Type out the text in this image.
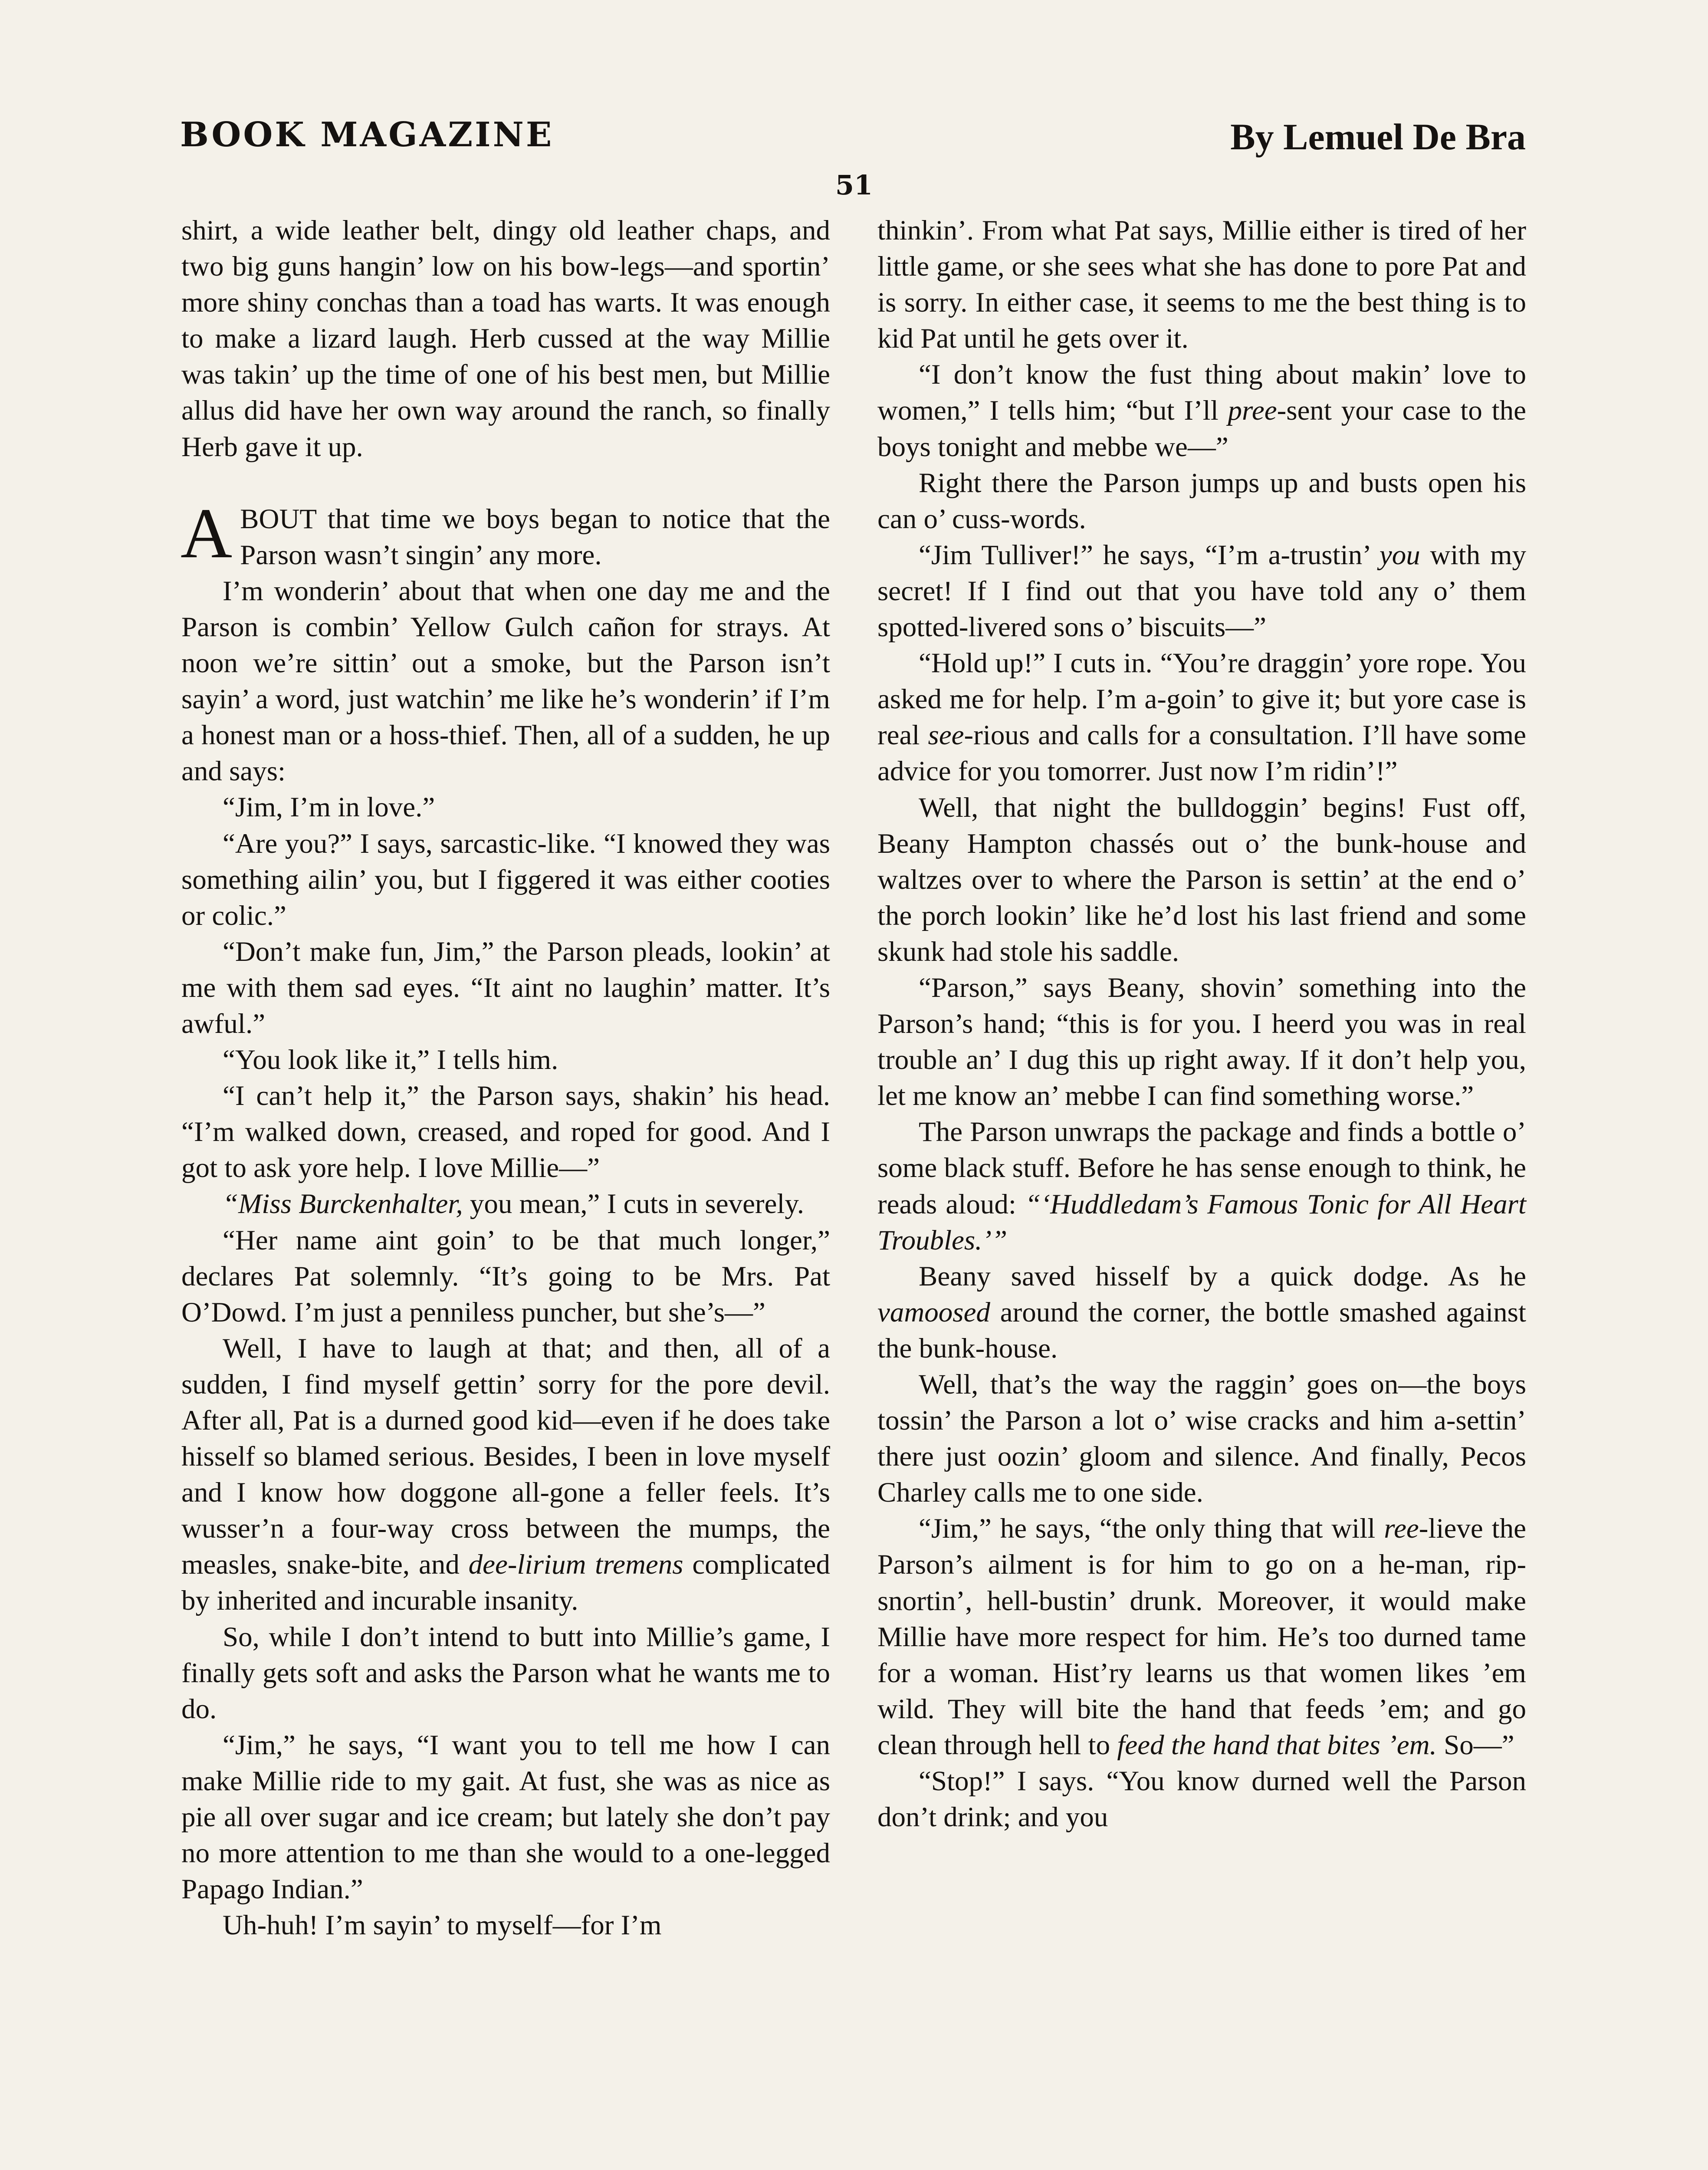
BOOK MAGAZINE	By Lemuel De Bra
51

shirt, a wide leather belt, dingy old leather chaps, and two big guns hangin’ low on his bow-legs—and sportin’ more shiny conchas than a toad has warts. It was enough to make a lizard laugh. Herb cussed at the way Millie was takin’ up the time of one of his best men, but Millie allus did have her own way around the ranch, so finally Herb gave it up.

ABOUT that time we boys began to notice that the Parson wasn’t singin’ any more.

I’m wonderin’ about that when one day me and the Parson is combin’ Yellow Gulch cañon for strays. At noon we’re sittin’ out a smoke, but the Parson isn’t sayin’ a word, just watchin’ me like he’s wonderin’ if I’m a honest man or a hoss-thief. Then, all of a sudden, he up and says:

“Jim, I’m in love.”

“Are you?” I says, sarcastic-like. “I knowed they was something ailin’ you, but I figgered it was either cooties or colic.”

“Don’t make fun, Jim,” the Parson pleads, lookin’ at me with them sad eyes. “It aint no laughin’ matter. It’s awful.”

“You look like it,” I tells him.

“I can’t help it,” the Parson says, shakin’ his head. “I’m walked down, creased, and roped for good. And I got to ask yore help. I love Millie—”

“Miss Burckenhalter, you mean,” I cuts in severely.

“Her name aint goin’ to be that much longer,” declares Pat solemnly. “It’s going to be Mrs. Pat O’Dowd. I’m just a penniless puncher, but she’s—”

Well, I have to laugh at that; and then, all of a sudden, I find myself gettin’ sorry for the pore devil. After all, Pat is a durned good kid—even if he does take hisself so blamed serious. Besides, I been in love myself and I know how doggone all-gone a feller feels. It’s wusser’n a four-way cross between the mumps, the measles, snake-bite, and dee-lirium tremens complicated by inherited and incurable insanity.

So, while I don’t intend to butt into Millie’s game, I finally gets soft and asks the Parson what he wants me to do.

“Jim,” he says, “I want you to tell me how I can make Millie ride to my gait. At fust, she was as nice as pie all over sugar and ice cream; but lately she don’t pay no more attention to me than she would to a one-legged Papago Indian.”

Uh-huh! I’m sayin’ to myself—for I’m

thinkin’. From what Pat says, Millie either is tired of her little game, or she sees what she has done to pore Pat and is sorry. In either case, it seems to me the best thing is to kid Pat until he gets over it.

“I don’t know the fust thing about makin’ love to women,” I tells him; “but I’ll pree-sent your case to the boys tonight and mebbe we—”

Right there the Parson jumps up and busts open his can o’ cuss-words.

“Jim Tulliver!” he says, “I’m a-trustin’ you with my secret! If I find out that you have told any o’ them spotted-livered sons o’ biscuits—”

“Hold up!” I cuts in. “You’re draggin’ yore rope. You asked me for help. I’m a-goin’ to give it; but yore case is real see-rious and calls for a consultation. I’ll have some advice for you tomorrer. Just now I’m ridin’!”

Well, that night the bulldoggin’ begins! Fust off, Beany Hampton chassés out o’ the bunk-house and waltzes over to where the Parson is settin’ at the end o’ the porch lookin’ like he’d lost his last friend and some skunk had stole his saddle.

“Parson,” says Beany, shovin’ something into the Parson’s hand; “this is for you. I heerd you was in real trouble an’ I dug this up right away. If it don’t help you, let me know an’ mebbe I can find something worse.”

The Parson unwraps the package and finds a bottle o’ some black stuff. Before he has sense enough to think, he reads aloud: “‘Huddledam’s Famous Tonic for All Heart Troubles.’”

Beany saved hisself by a quick dodge. As he vamoosed around the corner, the bottle smashed against the bunk-house.

Well, that’s the way the raggin’ goes on—the boys tossin’ the Parson a lot o’ wise cracks and him a-settin’ there just oozin’ gloom and silence. And finally, Pecos Charley calls me to one side.

“Jim,” he says, “the only thing that will ree-lieve the Parson’s ailment is for him to go on a he-man, rip-snortin’, hell-bustin’ drunk. Moreover, it would make Millie have more respect for him. He’s too durned tame for a woman. Hist’ry learns us that women likes ’em wild. They will bite the hand that feeds ’em; and go clean through hell to feed the hand that bites ’em. So—”

“Stop!” I says. “You know durned well the Parson don’t drink; and you
